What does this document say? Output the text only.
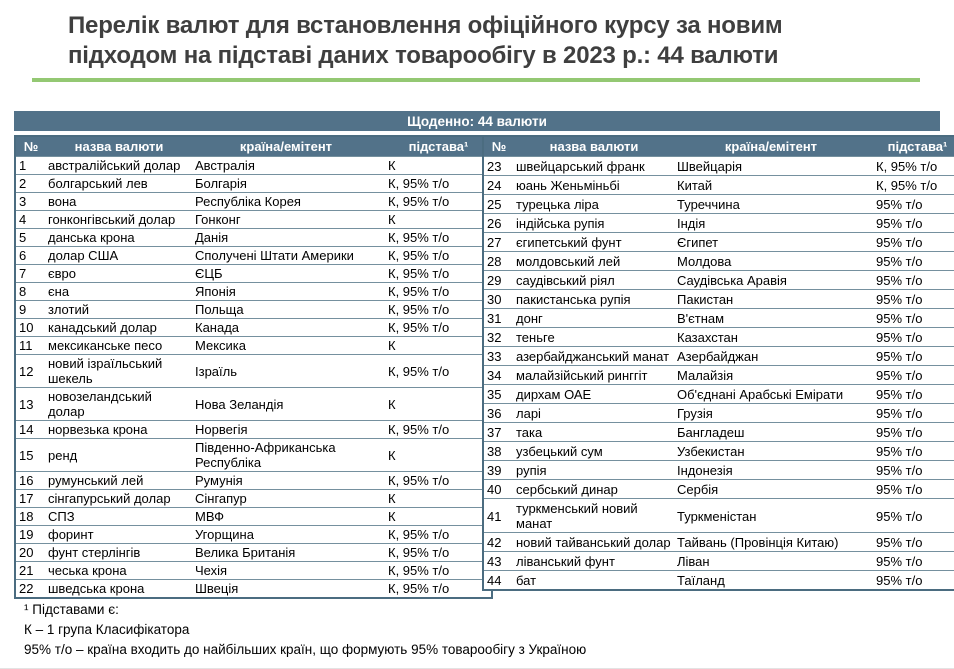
Перелік валют для встановлення офіційного курсу за новим
підходом на підставі даних товарообігу в 2023 р.: 44 валюти
Щоденно: 44 валюти
№	назва валюти	країна/емітент	підстава¹
1	австралійський долар	Австралія	К
2	болгарський лев	Болгарія	К, 95% т/о
3	вона	Республіка Корея	К, 95% т/о
4	гонконгівський долар	Гонконг	К
5	данська крона	Данія	К, 95% т/о
6	долар США	Сполучені Штати Америки	К, 95% т/о
7	євро	ЄЦБ	К, 95% т/о
8	єна	Японія	К, 95% т/о
9	злотий	Польща	К, 95% т/о
10	канадський долар	Канада	К, 95% т/о
11	мексиканське песо	Мексика	К
12	новий ізраїльський шекель	Ізраїль	К, 95% т/о
13	новозеландський долар	Нова Зеландія	К
14	норвезька крона	Норвегія	К, 95% т/о
15	ренд	Південно-Африканська Республіка	К
16	румунський лей	Румунія	К, 95% т/о
17	сінгапурський долар	Сінгапур	К
18	СПЗ	МВФ	К
19	форинт	Угорщина	К, 95% т/о
20	фунт стерлінгів	Велика Британія	К, 95% т/о
21	чеська крона	Чехія	К, 95% т/о
22	шведська крона	Швеція	К, 95% т/о
№	назва валюти	країна/емітент	підстава¹
23	швейцарський франк	Швейцарія	К, 95% т/о
24	юань Женьміньбі	Китай	К, 95% т/о
25	турецька ліра	Туреччина	95% т/о
26	індійська рупія	Індія	95% т/о
27	єгипетський фунт	Єгипет	95% т/о
28	молдовський лей	Молдова	95% т/о
29	саудівський ріял	Саудівська Аравія	95% т/о
30	пакистанська рупія	Пакистан	95% т/о
31	донг	В'єтнам	95% т/о
32	теньге	Казахстан	95% т/о
33	азербайджанський манат	Азербайджан	95% т/о
34	малайзійський ринггіт	Малайзія	95% т/о
35	дирхам ОАЕ	Об'єднані Арабські Емірати	95% т/о
36	ларі	Грузія	95% т/о
37	така	Бангладеш	95% т/о
38	узбецький сум	Узбекистан	95% т/о
39	рупія	Індонезія	95% т/о
40	сербський динар	Сербія	95% т/о
41	туркменський новий манат	Туркменістан	95% т/о
42	новий тайванський долар	Тайвань (Провінція Китаю)	95% т/о
43	ліванський фунт	Ліван	95% т/о
44	бат	Таїланд	95% т/о
¹ Підставами є:
К – 1 група Класифікатора
95% т/о – країна входить до найбільших країн, що формують 95% товарообігу з Україною
